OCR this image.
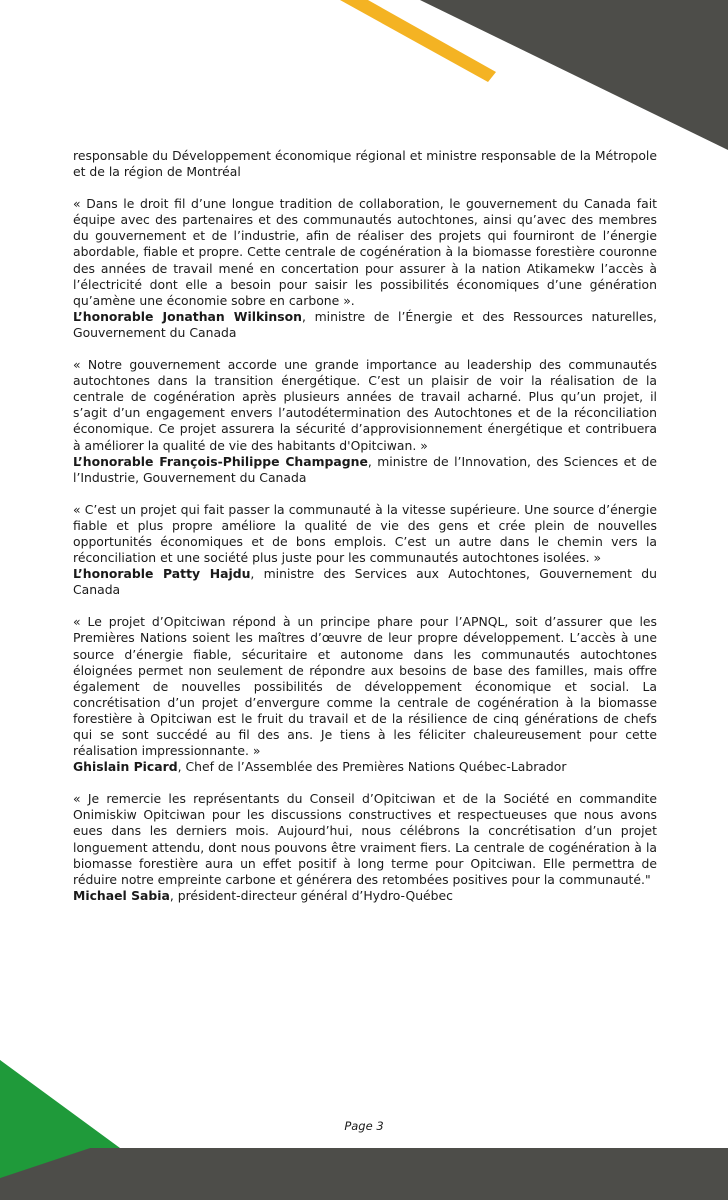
responsable du Développement économique régional et ministre responsable de la Métropole et de la région de Montréal

« Dans le droit fil d’une longue tradition de collaboration, le gouvernement du Canada fait équipe avec des partenaires et des communautés autochtones, ainsi qu’avec des membres du gouvernement et de l’industrie, afin de réaliser des projets qui fourniront de l’énergie abordable, fiable et propre. Cette centrale de cogénération à la biomasse forestière couronne des années de travail mené en concertation pour assurer à la nation Atikamekw l’accès à l’électricité dont elle a besoin pour saisir les possibilités économiques d’une génération qu’amène une économie sobre en carbone ».
L’honorable Jonathan Wilkinson, ministre de l’Énergie et des Ressources naturelles, Gouvernement du Canada
« Notre gouvernement accorde une grande importance au leadership des communautés autochtones dans la transition énergétique. C’est un plaisir de voir la réalisation de la centrale de cogénération après plusieurs années de travail acharné. Plus qu’un projet, il s’agit d’un engagement envers l’autodétermination des Autochtones et de la réconciliation économique. Ce projet assurera la sécurité d’approvisionnement énergétique et contribuera à améliorer la qualité de vie des habitants d'Opitciwan. »
L’honorable François-Philippe Champagne, ministre de l’Innovation, des Sciences et de l’Industrie, Gouvernement du Canada
« C’est un projet qui fait passer la communauté à la vitesse supérieure. Une source d’énergie fiable et plus propre améliore la qualité de vie des gens et crée plein de nouvelles opportunités économiques et de bons emplois. C’est un autre dans le chemin vers la réconciliation et une société plus juste pour les communautés autochtones isolées. »
L’honorable Patty Hajdu, ministre des Services aux Autochtones, Gouvernement du Canada
« Le projet d’Opitciwan répond à un principe phare pour l’APNQL, soit d’assurer que les Premières Nations soient les maîtres d’œuvre de leur propre développement. L’accès à une source d’énergie fiable, sécuritaire et autonome dans les communautés autochtones éloignées permet non seulement de répondre aux besoins de base des familles, mais offre également de nouvelles possibilités de développement économique et social. La concrétisation d’un projet d’envergure comme la centrale de cogénération à la biomasse forestière à Opitciwan est le fruit du travail et de la résilience de cinq générations de chefs qui se sont succédé au fil des ans. Je tiens à les féliciter chaleureusement pour cette réalisation impressionnante. »
Ghislain Picard, Chef de l’Assemblée des Premières Nations Québec-Labrador
« Je remercie les représentants du Conseil d’Opitciwan et de la Société en commandite Onimiskiw Opitciwan pour les discussions constructives et respectueuses que nous avons eues dans les derniers mois. Aujourd’hui, nous célébrons la concrétisation d’un projet longuement attendu, dont nous pouvons être vraiment fiers. La centrale de cogénération à la biomasse forestière aura un effet positif à long terme pour Opitciwan. Elle permettra de réduire notre empreinte carbone et générera des retombées positives pour la communauté."
Michael Sabia, président-directeur général d’Hydro-Québec
Page 3
